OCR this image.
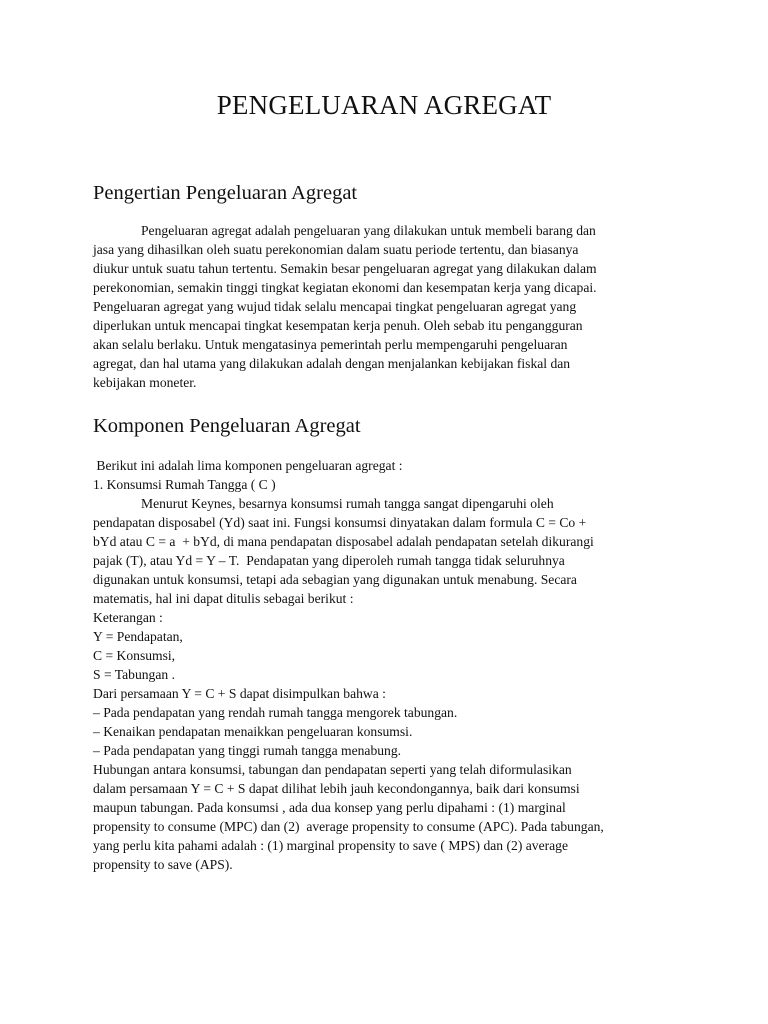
PENGELUARAN AGREGAT
Pengertian Pengeluaran Agregat
Pengeluaran agregat adalah pengeluaran yang dilakukan untuk membeli barang dan
jasa yang dihasilkan oleh suatu perekonomian dalam suatu periode tertentu, dan biasanya
diukur untuk suatu tahun tertentu. Semakin besar pengeluaran agregat yang dilakukan dalam
perekonomian, semakin tinggi tingkat kegiatan ekonomi dan kesempatan kerja yang dicapai.
Pengeluaran agregat yang wujud tidak selalu mencapai tingkat pengeluaran agregat yang
diperlukan untuk mencapai tingkat kesempatan kerja penuh. Oleh sebab itu pengangguran
akan selalu berlaku. Untuk mengatasinya pemerintah perlu mempengaruhi pengeluaran
agregat, dan hal utama yang dilakukan adalah dengan menjalankan kebijakan fiskal dan
kebijakan moneter.
Komponen Pengeluaran Agregat
Berikut ini adalah lima komponen pengeluaran agregat :
1. Konsumsi Rumah Tangga ( C )
Menurut Keynes, besarnya konsumsi rumah tangga sangat dipengaruhi oleh
pendapatan disposabel (Yd) saat ini. Fungsi konsumsi dinyatakan dalam formula C = Co +
bYd atau C = a  + bYd, di mana pendapatan disposabel adalah pendapatan setelah dikurangi
pajak (T), atau Yd = Y – T.  Pendapatan yang diperoleh rumah tangga tidak seluruhnya
digunakan untuk konsumsi, tetapi ada sebagian yang digunakan untuk menabung. Secara
matematis, hal ini dapat ditulis sebagai berikut :
Keterangan :
Y = Pendapatan,
C = Konsumsi,
S = Tabungan .
Dari persamaan Y = C + S dapat disimpulkan bahwa :
– Pada pendapatan yang rendah rumah tangga mengorek tabungan.
– Kenaikan pendapatan menaikkan pengeluaran konsumsi.
– Pada pendapatan yang tinggi rumah tangga menabung.
Hubungan antara konsumsi, tabungan dan pendapatan seperti yang telah diformulasikan
dalam persamaan Y = C + S dapat dilihat lebih jauh kecondongannya, baik dari konsumsi
maupun tabungan. Pada konsumsi , ada dua konsep yang perlu dipahami : (1) marginal
propensity to consume (MPC) dan (2)  average propensity to consume (APC). Pada tabungan,
yang perlu kita pahami adalah : (1) marginal propensity to save ( MPS) dan (2) average
propensity to save (APS).
